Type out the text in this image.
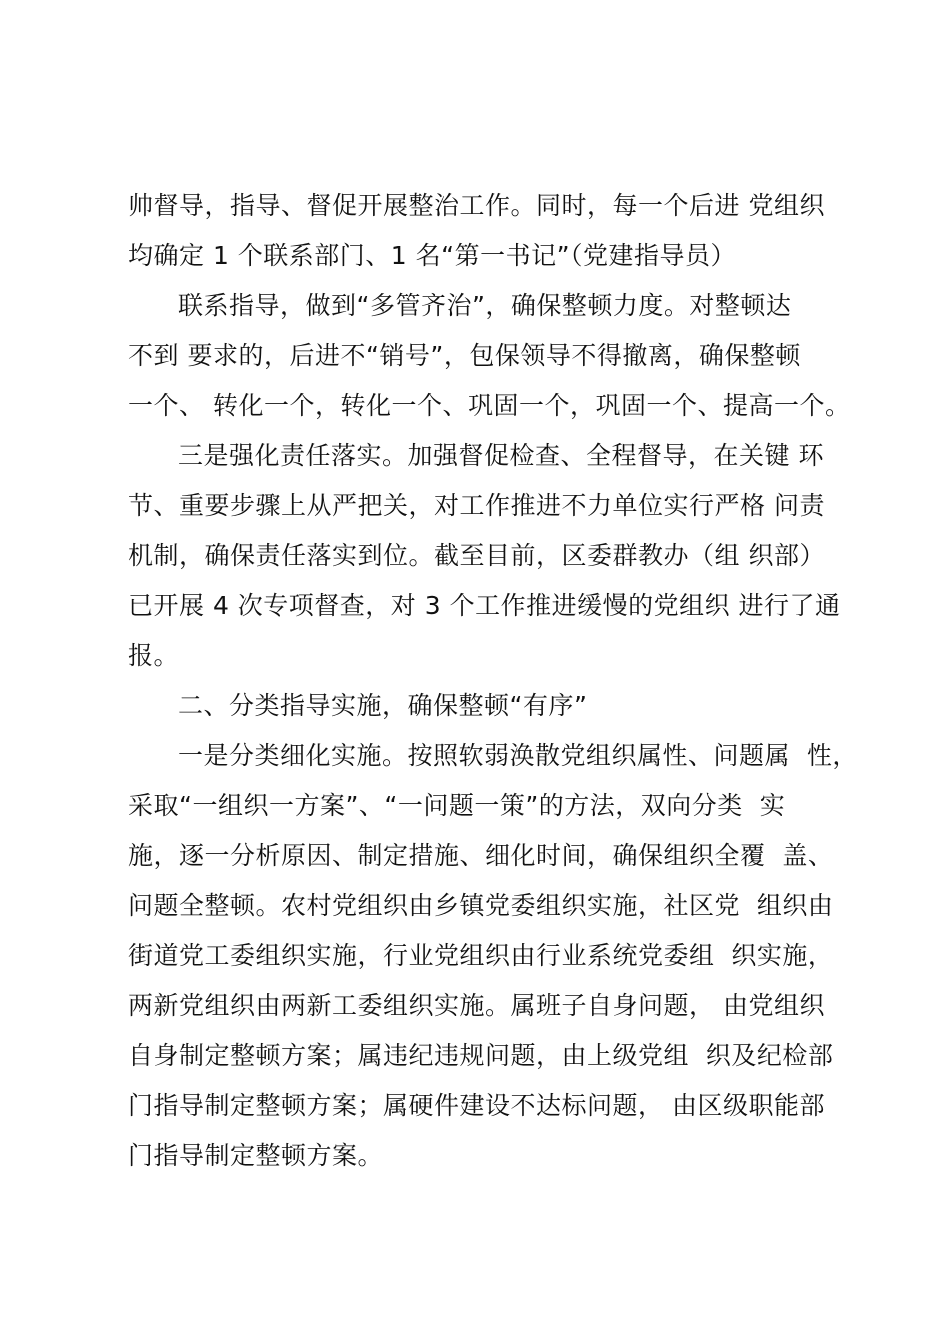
帅督导，指导、督促开展整治工作。同时，每一个后进 党组织
均确定 1 个联系部门、1 名“第一书记”（党建指导员）
联系指导，做到“多管齐治”，确保整顿力度。对整顿达
不到 要求的，后进不“销号”，包保领导不得撤离，确保整顿
一个、 转化一个，转化一个、巩固一个，巩固一个、提高一个。
三是强化责任落实。加强督促检查、全程督导，在关键 环
节、重要步骤上从严把关，对工作推进不力单位实行严格 问责
机制，确保责任落实到位。截至目前，区委群教办（组 织部）
已开展 4 次专项督查，对 3 个工作推进缓慢的党组织 进行了通
报。
二、分类指导实施，确保整顿“有序”
一是分类细化实施。按照软弱涣散党组织属性、问题属  性，
采取“一组织一方案”、“一问题一策”的方法，双向分类  实
施，逐一分析原因、制定措施、细化时间，确保组织全覆  盖、
问题全整顿。农村党组织由乡镇党委组织实施，社区党  组织由
街道党工委组织实施，行业党组织由行业系统党委组  织实施，
两新党组织由两新工委组织实施。属班子自身问题， 由党组织
自身制定整顿方案；属违纪违规问题，由上级党组  织及纪检部
门指导制定整顿方案；属硬件建设不达标问题， 由区级职能部
门指导制定整顿方案。
